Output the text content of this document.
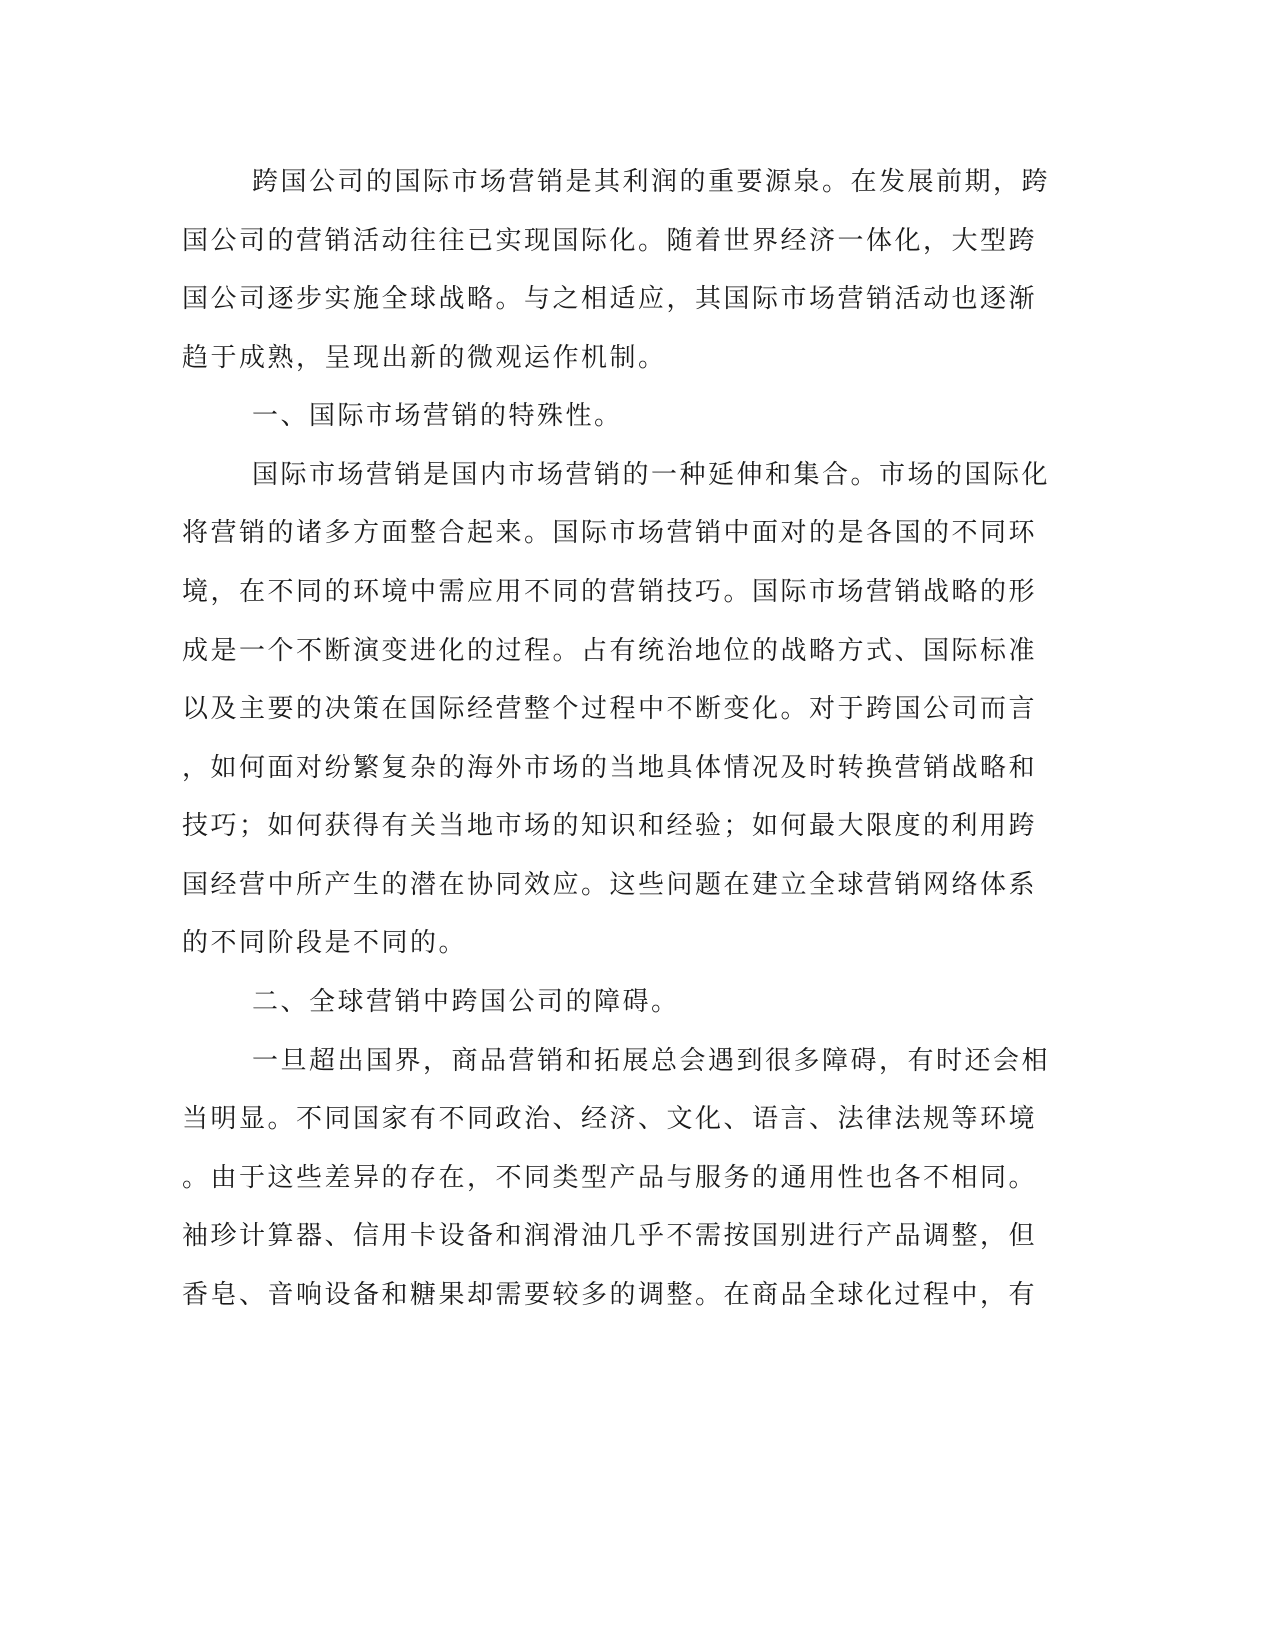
跨国公司的国际市场营销是其利润的重要源泉。在发展前期，跨
国公司的营销活动往往已实现国际化。随着世界经济一体化，大型跨
国公司逐步实施全球战略。与之相适应，其国际市场营销活动也逐渐
趋于成熟，呈现出新的微观运作机制。
一、国际市场营销的特殊性。
国际市场营销是国内市场营销的一种延伸和集合。市场的国际化
将营销的诸多方面整合起来。国际市场营销中面对的是各国的不同环
境，在不同的环境中需应用不同的营销技巧。国际市场营销战略的形
成是一个不断演变进化的过程。占有统治地位的战略方式、国际标准
以及主要的决策在国际经营整个过程中不断变化。对于跨国公司而言
，如何面对纷繁复杂的海外市场的当地具体情况及时转换营销战略和
技巧；如何获得有关当地市场的知识和经验；如何最大限度的利用跨
国经营中所产生的潜在协同效应。这些问题在建立全球营销网络体系
的不同阶段是不同的。
二、全球营销中跨国公司的障碍。
一旦超出国界，商品营销和拓展总会遇到很多障碍，有时还会相
当明显。不同国家有不同政治、经济、文化、语言、法律法规等环境
。由于这些差异的存在，不同类型产品与服务的通用性也各不相同。
袖珍计算器、信用卡设备和润滑油几乎不需按国别进行产品调整，但
香皂、音响设备和糖果却需要较多的调整。在商品全球化过程中，有
